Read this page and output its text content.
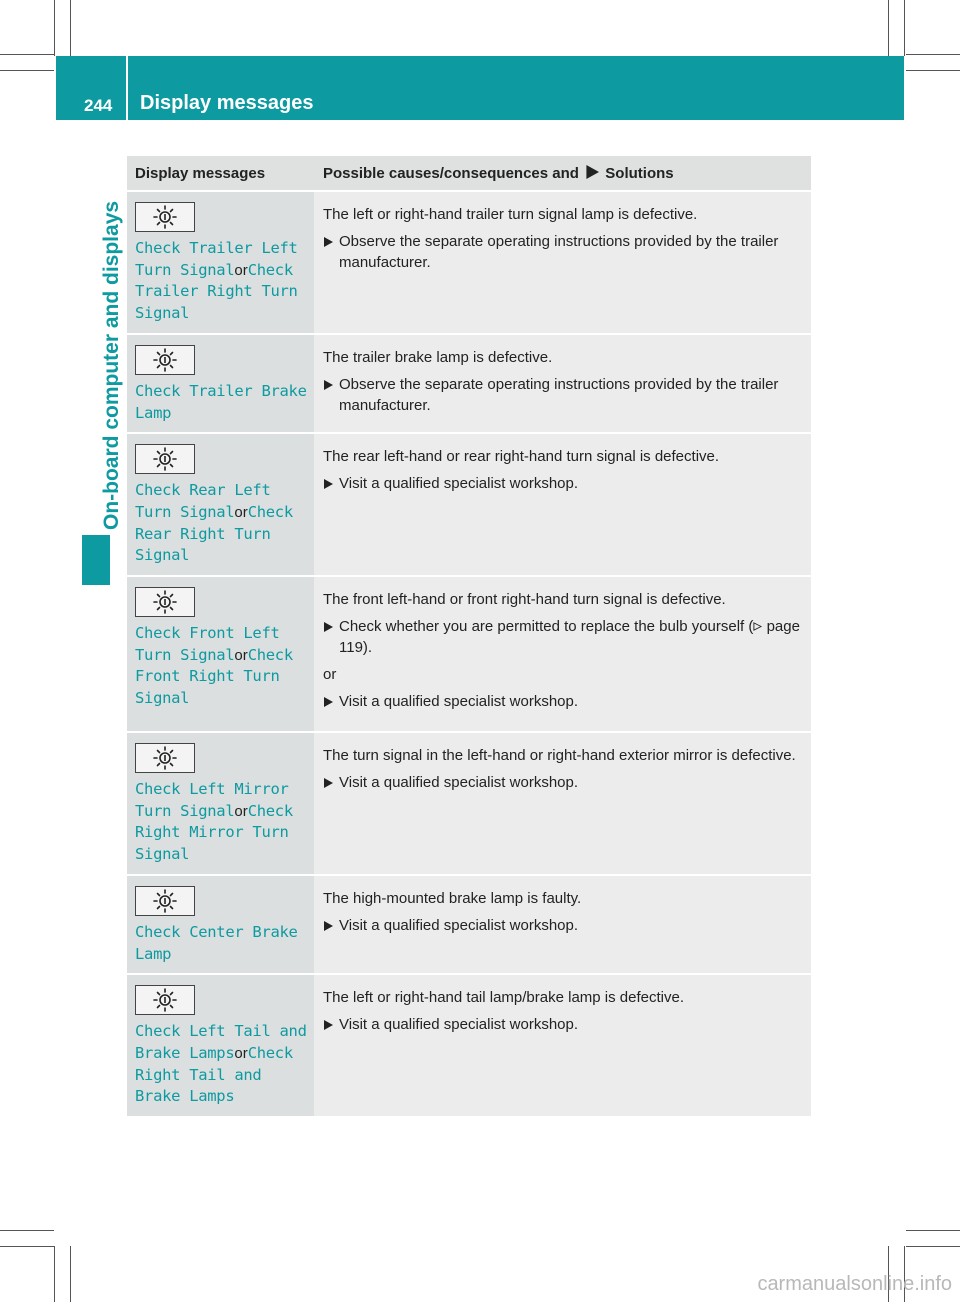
244 Display messages
On-board computer and displays
Display messages	Possible causes/consequences and Solutions
Check Trailer Left Turn SignalorCheck Trailer Right Turn Signal
The left or right-hand trailer turn signal lamp is defective.
Observe the separate operating instructions provided by the trailer manufacturer.
Check Trailer Brake Lamp
The trailer brake lamp is defective.
Observe the separate operating instructions provided by the trailer manufacturer.
Check Rear Left Turn SignalorCheck Rear Right Turn Signal
The rear left-hand or rear right-hand turn signal is defective.
Visit a qualified specialist workshop.
Check Front Left Turn SignalorCheck Front Right Turn Signal
The front left-hand or front right-hand turn signal is defective.
Check whether you are permitted to replace the bulb yourself ( page 119).
or
Visit a qualified specialist workshop.
Check Left Mirror Turn SignalorCheck Right Mirror Turn Signal
The turn signal in the left-hand or right-hand exterior mirror is defective.
Visit a qualified specialist workshop.
Check Center Brake Lamp
The high-mounted brake lamp is faulty.
Visit a qualified specialist workshop.
Check Left Tail and Brake LampsorCheck Right Tail and Brake Lamps
The left or right-hand tail lamp/brake lamp is defective.
Visit a qualified specialist workshop.
carmanualsonline.info
